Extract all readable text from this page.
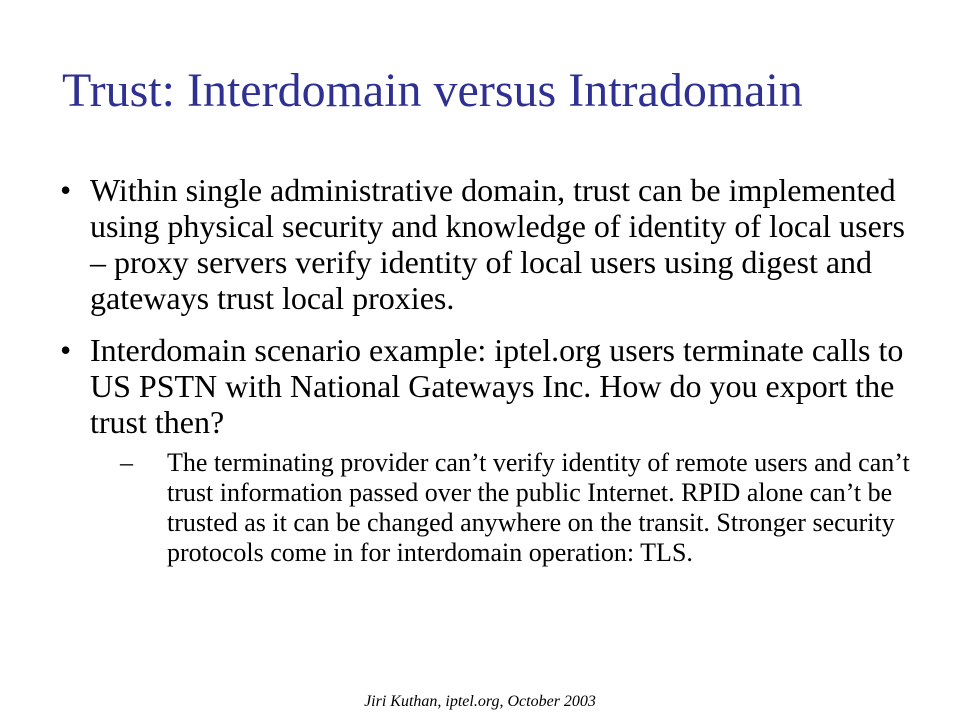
Trust: Interdomain versus Intradomain
• Within single administrative domain, trust can be implemented using physical security and knowledge of identity of local users – proxy servers verify identity of local users using digest and gateways trust local proxies.
• Interdomain scenario example: iptel.org users terminate calls to US PSTN with National Gateways Inc. How do you export the trust then?
– The terminating provider can’t verify identity of remote users and can’t trust information passed over the public Internet. RPID alone can’t be trusted as it can be changed anywhere on the transit. Stronger security protocols come in for interdomain operation: TLS.
Jiri Kuthan, iptel.org, October 2003
